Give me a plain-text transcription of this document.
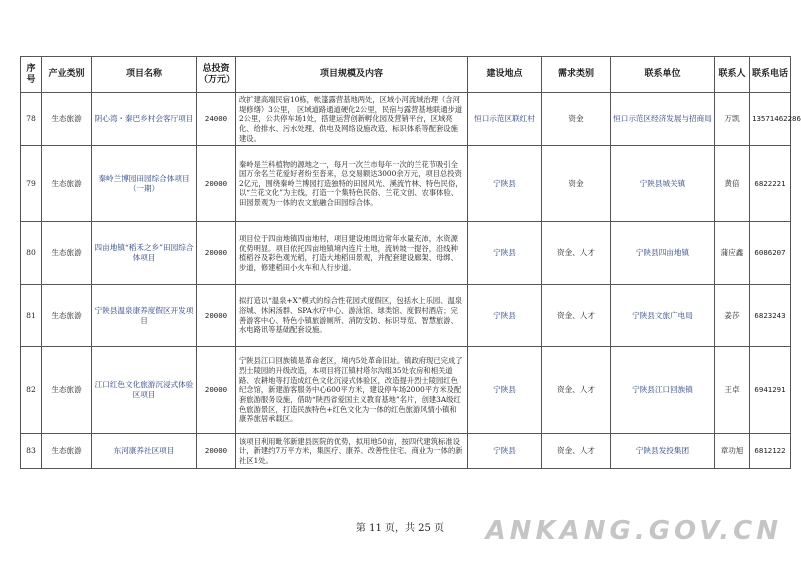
序号	产业类别	项目名称	总投资（万元）	项目规模及内容	建设地点	需求类别	联系单位	联系人	联系电话
78	生态旅游	阴心湾・秦巴乡村会客厅项目	24000	改扩建高端民宿10栋，帐篷露营基地两处，区域小河流域治理（含河堤修缮）3公里， 区域道路通道硬化2公里，民宿与露营基地联通步道2公里，公共停车场1处，搭建运营创新孵化园及营销平台，区域亮化、给排水、污水处理、供电及网络设施改造、标识体系等配套设施建设。	恒口示范区联红村	资金	恒口示范区经济发展与招商局	万凯	13571462286
79	生态旅游	秦岭兰博园田园综合体项目（一期）	20000	秦岭是兰科植物的源地之一，每月一次兰市每年一次的兰花节吸引全国万余名兰花爱好者纷至沓来，总交易额达3000余万元，项目总投资2亿元，围绕秦岭兰博园打造独特的田园风光、溪流竹林、特色民俗，以“兰花文化”为主线，打造一个集特色民俗、兰花文创、农事体验、田园景观为一体的农文旅融合田园综合体。	宁陕县	资金	宁陕县城关镇	黄倍	6822221
80	生态旅游	四亩地镇“稻禾之乡”田园综合体项目	20000	项目位于四亩地镇四亩地村，项目建设地周边常年水量充沛，水资源优势明显。项目依托四亩地镇境内连片土地，流转坡一提谷，沿线种植稻谷及彩色观光稻，打造大地稻田景观，并配套建设廊架、母绑、步道，修建稻田小火车和人行步道。	宁陕县	资金、人才	宁陕县四亩地镇	蒲应鑫	6086207
81	生态旅游	宁陕县温泉康养度假区开发项目	20000	拟打造以“温泉+X”模式的综合性花园式度假区，包括水上乐园、温泉浴城、休闲汤群、SPA水疗中心、游泳馆、球类馆、度假村酒店；完善游客中心、特色小镇旅游厕所、消防安防、标识导览、智慧旅游、水电路讯等基础配套设施。	宁陕县	资金、人才	宁陕县文旅广电局	姜莎	6823243
82	生态旅游	江口红色文化旅游沉浸式体验区项目	20000	宁陕县江口回族镇是革命老区，境内5处革命旧址。镇政府现已完成了烈士陵园的升级改造，本项目将江镇村塔尔沟组35处农房和相关道路、农耕地等打造成红色文化沉浸式体验区，改造提升烈士陵园红色纪念馆，新建游客服务中心600平方米，建设停车场2000平方米及配套旅游服务设施，借助“陕西省爱国主义教育基地”名片，创建3A级红色旅游景区，打造民族特色+红色文化为一体的红色旅游风情小镇和康养旅居承载区。	宁陕县	资金、人才	宁陕县江口回族镇	王卓	6941291
83	生态旅游	东河康养社区项目	20000	该项目利用毗邻新建县医院的优势，拟用地50亩，按四代建筑标准设计，新建约7万平方米，集医疗、康养、改善性住宅、商业为一体的新社区1处。	宁陕县	资金、人才	宁陕县发投集团	章功旭	6812122
第 11 页，共 25 页	ANKANG.GOV.CN
